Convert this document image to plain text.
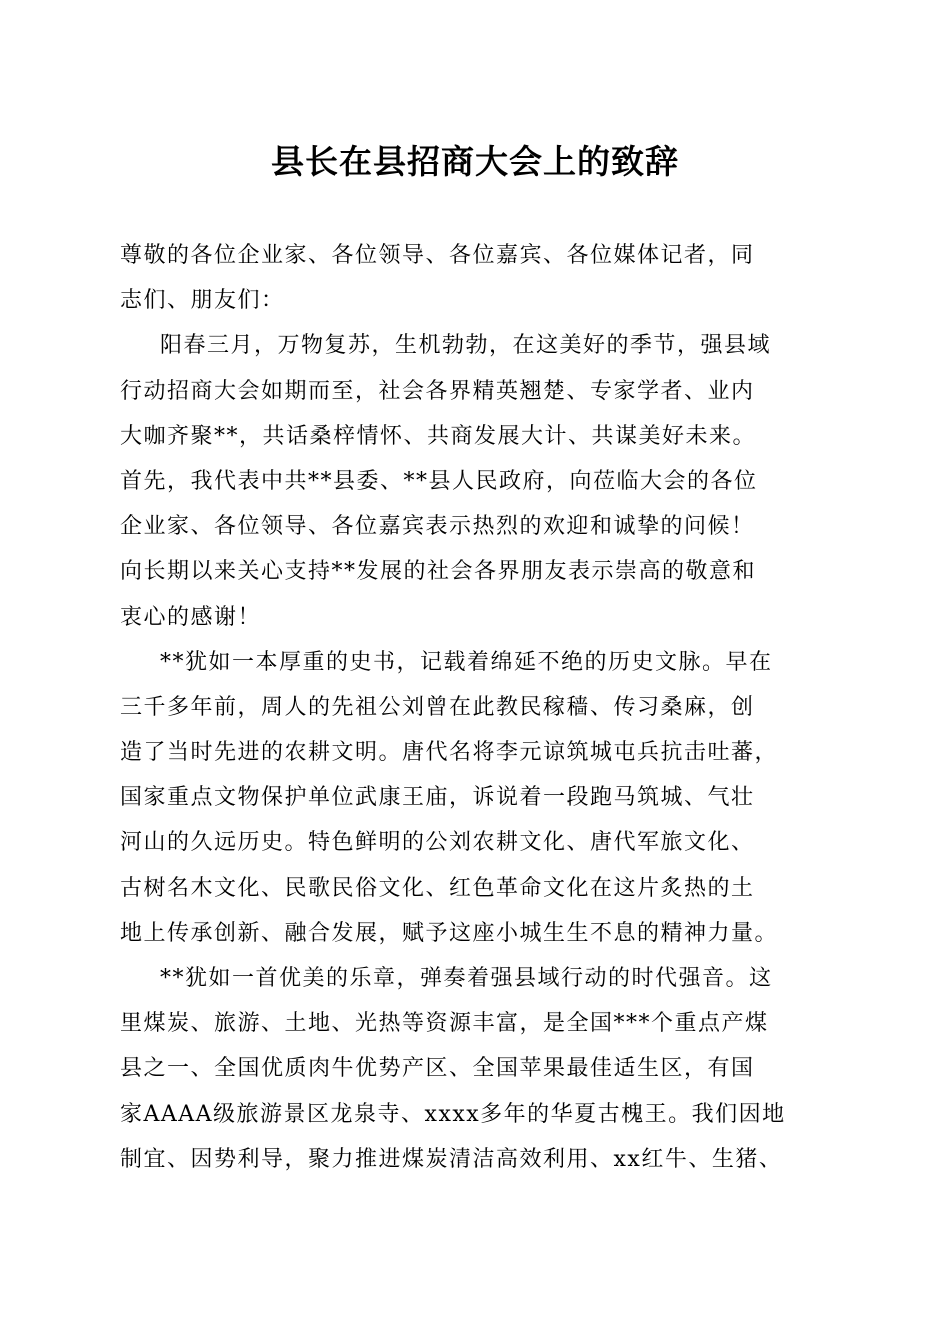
县长在县招商大会上的致辞
尊敬的各位企业家、各位领导、各位嘉宾、各位媒体记者，同
志们、朋友们：
阳春三月，万物复苏，生机勃勃，在这美好的季节，强县域
行动招商大会如期而至，社会各界精英翘楚、专家学者、业内
大咖齐聚**，共话桑梓情怀、共商发展大计、共谋美好未来。
首先，我代表中共**县委、**县人民政府，向莅临大会的各位
企业家、各位领导、各位嘉宾表示热烈的欢迎和诚挚的问候！
向长期以来关心支持**发展的社会各界朋友表示崇高的敬意和
衷心的感谢！
**犹如一本厚重的史书，记载着绵延不绝的历史文脉。早在
三千多年前，周人的先祖公刘曾在此教民稼穑、传习桑麻，创
造了当时先进的农耕文明。唐代名将李元谅筑城屯兵抗击吐蕃，
国家重点文物保护单位武康王庙，诉说着一段跑马筑城、气壮
河山的久远历史。特色鲜明的公刘农耕文化、唐代军旅文化、
古树名木文化、民歌民俗文化、红色革命文化在这片炙热的土
地上传承创新、融合发展，赋予这座小城生生不息的精神力量。
**犹如一首优美的乐章，弹奏着强县域行动的时代强音。这
里煤炭、旅游、土地、光热等资源丰富，是全国***个重点产煤
县之一、全国优质肉牛优势产区、全国苹果最佳适生区，有国
家AAAA级旅游景区龙泉寺、xxxx多年的华夏古槐王。我们因地
制宜、因势利导，聚力推进煤炭清洁高效利用、xx红牛、生猪、
